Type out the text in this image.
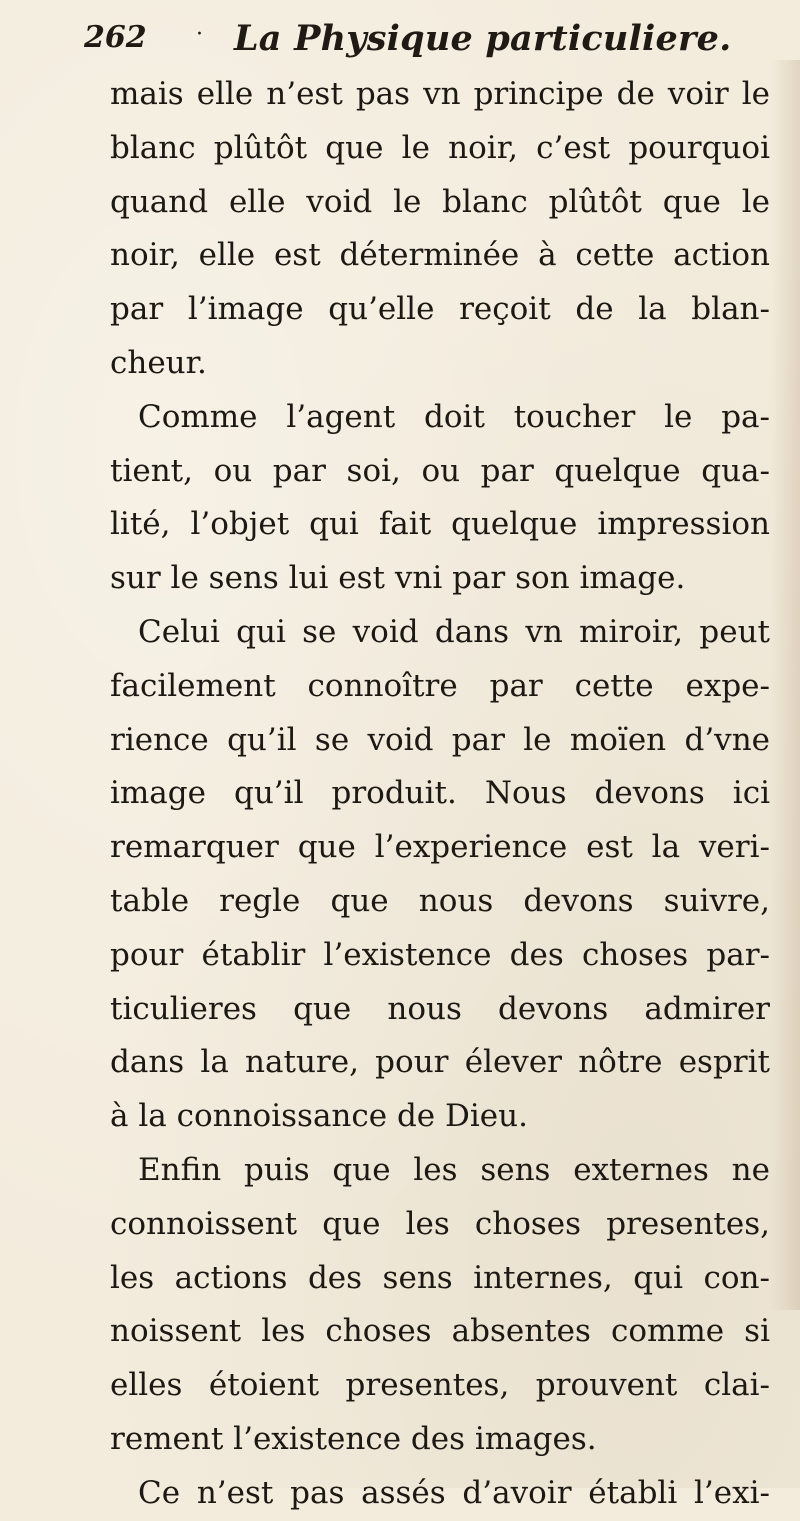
262 · La Physique particuliere.
mais elle n’est pas vn principe de voir le
blanc plûtôt que le noir, c’est pourquoi
quand elle void le blanc plûtôt que le
noir, elle est déterminée à cette action
par l’image qu’elle reçoit de la blan-
cheur.
Comme l’agent doit toucher le pa-
tient, ou par soi, ou par quelque qua-
lité, l’objet qui fait quelque impression
sur le sens lui est vni par son image.
Celui qui se void dans vn miroir, peut
facilement connoître par cette expe-
rience qu’il se void par le moïen d’vne
image qu’il produit. Nous devons ici
remarquer que l’experience est la veri-
table regle que nous devons suivre,
pour établir l’existence des choses par-
ticulieres que nous devons admirer
dans la nature, pour élever nôtre esprit
à la connoissance de Dieu.
Enfin puis que les sens externes ne
connoissent que les choses presentes,
les actions des sens internes, qui con-
noissent les choses absentes comme si
elles étoient presentes, prouvent clai-
rement l’existence des images.
Ce n’est pas assés d’avoir établi l’exi-
